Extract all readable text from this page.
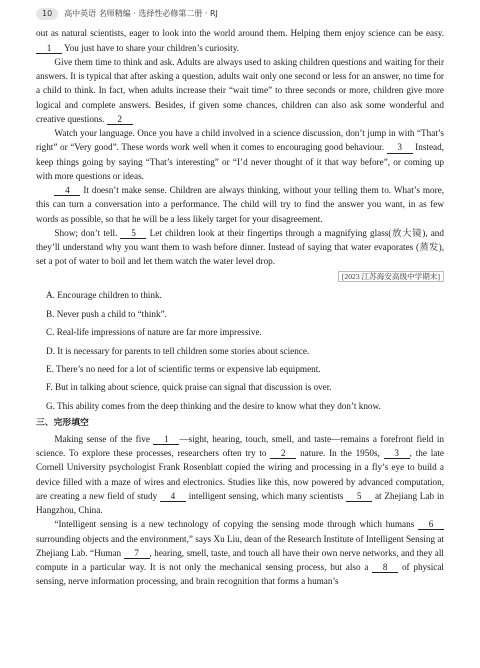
10	高中英语 名师精编 · 选择性必修第二册 · RJ

out as natural scientists, eager to look into the world around them. Helping them enjoy science can be easy. 1 You just have to share your children’s curiosity.

Give them time to think and ask. Adults are always used to asking children questions and waiting for their answers. It is typical that after asking a question, adults wait only one second or less for an answer, no time for a child to think. In fact, when adults increase their “wait time” to three seconds or more, children give more logical and complete answers. Besides, if given some chances, children can also ask some wonderful and creative questions. 2

Watch your language. Once you have a child involved in a science discussion, don’t jump in with “That’s right” or “Very good”. These words work well when it comes to encouraging good behaviour. 3 Instead, keep things going by saying “That’s interesting” or “I’d never thought of it that way before”, or coming up with more questions or ideas.

4 It doesn’t make sense. Children are always thinking, without your telling them to. What’s more, this can turn a conversation into a performance. The child will try to find the answer you want, in as few words as possible, so that he will be a less likely target for your disagreement.

Show; don’t tell. 5 Let children look at their fingertips through a magnifying glass(放大镜), and they’ll understand why you want them to wash before dinner. Instead of saying that water evaporates (蒸发), set a pot of water to boil and let them watch the water level drop.

[2023 江苏海安高级中学期末]

A. Encourage children to think.

B. Never push a child to “think”.

C. Real-life impressions of nature are far more impressive.

D. It is necessary for parents to tell children some stories about science.

E. There’s no need for a lot of scientific terms or expensive lab equipment.

F. But in talking about science, quick praise can signal that discussion is over.

G. This ability comes from the deep thinking and the desire to know what they don’t know.

三、完形填空

Making sense of the five 1 —sight, hearing, touch, smell, and taste—remains a forefront field in science. To explore these processes, researchers often try to 2 nature. In the 1950s, 3 , the late Cornell University psychologist Frank Rosenblatt copied the wiring and processing in a fly’s eye to build a device filled with a maze of wires and electronics. Studies like this, now powered by advanced computation, are creating a new field of study 4 intelligent sensing, which many scientists 5 at Zhejiang Lab in Hangzhou, China.

“Intelligent sensing is a new technology of copying the sensing mode through which humans 6 surrounding objects and the environment,” says Xu Liu, dean of the Research Institute of Intelligent Sensing at Zhejiang Lab. “Human 7 , hearing, smell, taste, and touch all have their own nerve networks, and they all compute in a particular way. It is not only the mechanical sensing process, but also a 8 of physical sensing, nerve information processing, and brain recognition that forms a human’s
